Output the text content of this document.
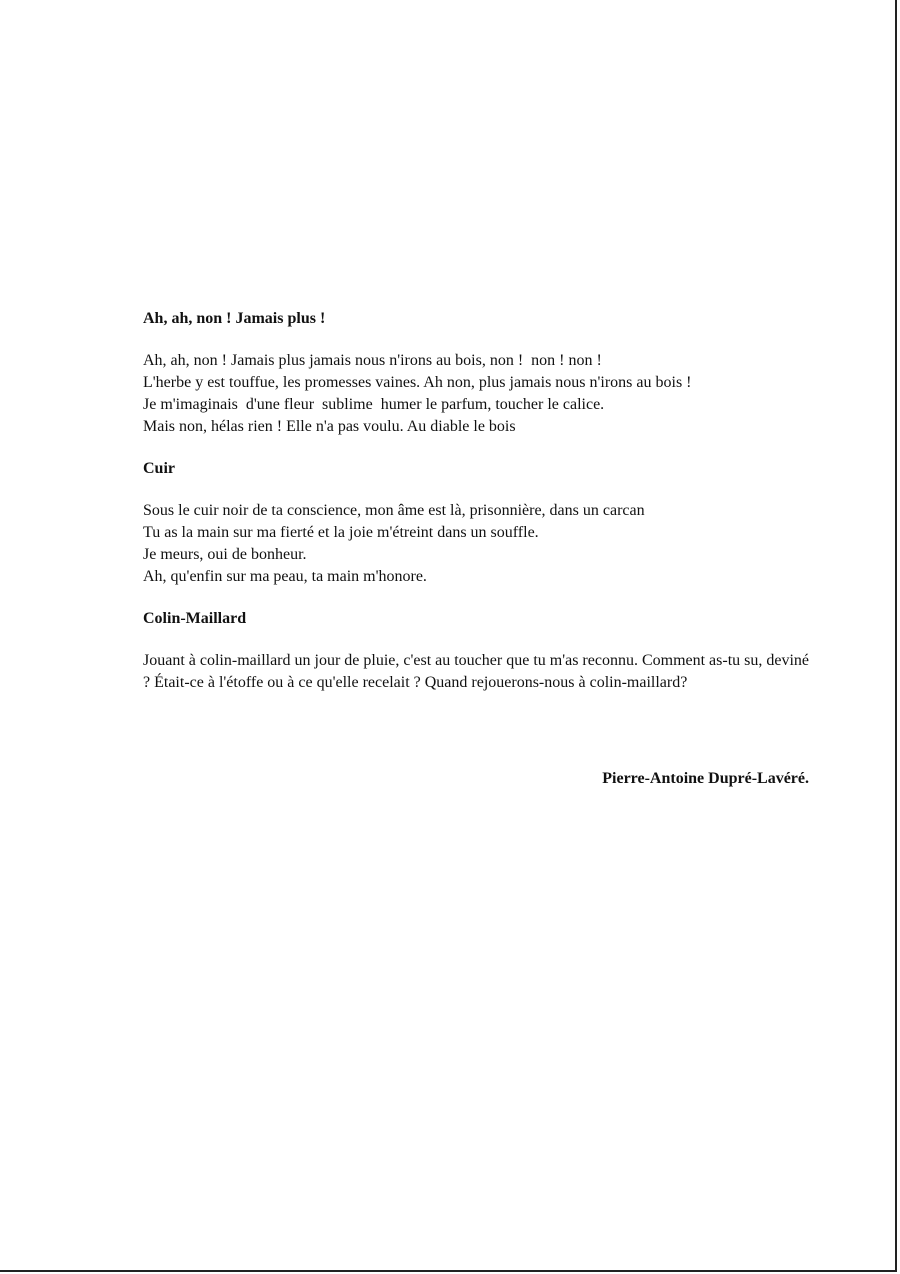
Ah, ah, non ! Jamais plus !
Ah, ah, non ! Jamais plus jamais nous n'irons au bois, non !  non ! non !
L'herbe y est touffue, les promesses vaines. Ah non, plus jamais nous n'irons au bois !
Je m'imaginais  d'une fleur  sublime  humer le parfum, toucher le calice.
Mais non, hélas rien ! Elle n'a pas voulu. Au diable le bois
Cuir
Sous le cuir noir de ta conscience, mon âme est là, prisonnière, dans un carcan
Tu as la main sur ma fierté et la joie m'étreint dans un souffle.
Je meurs, oui de bonheur.
Ah, qu'enfin sur ma peau, ta main m'honore.
Colin-Maillard

Jouant à colin-maillard un jour de pluie, c'est au toucher que tu m'as reconnu. Comment as-tu su, deviné ? Était-ce à l'étoffe ou à ce qu'elle recelait ? Quand rejouerons-nous à colin-maillard?

Pierre-Antoine Dupré-Lavéré.
